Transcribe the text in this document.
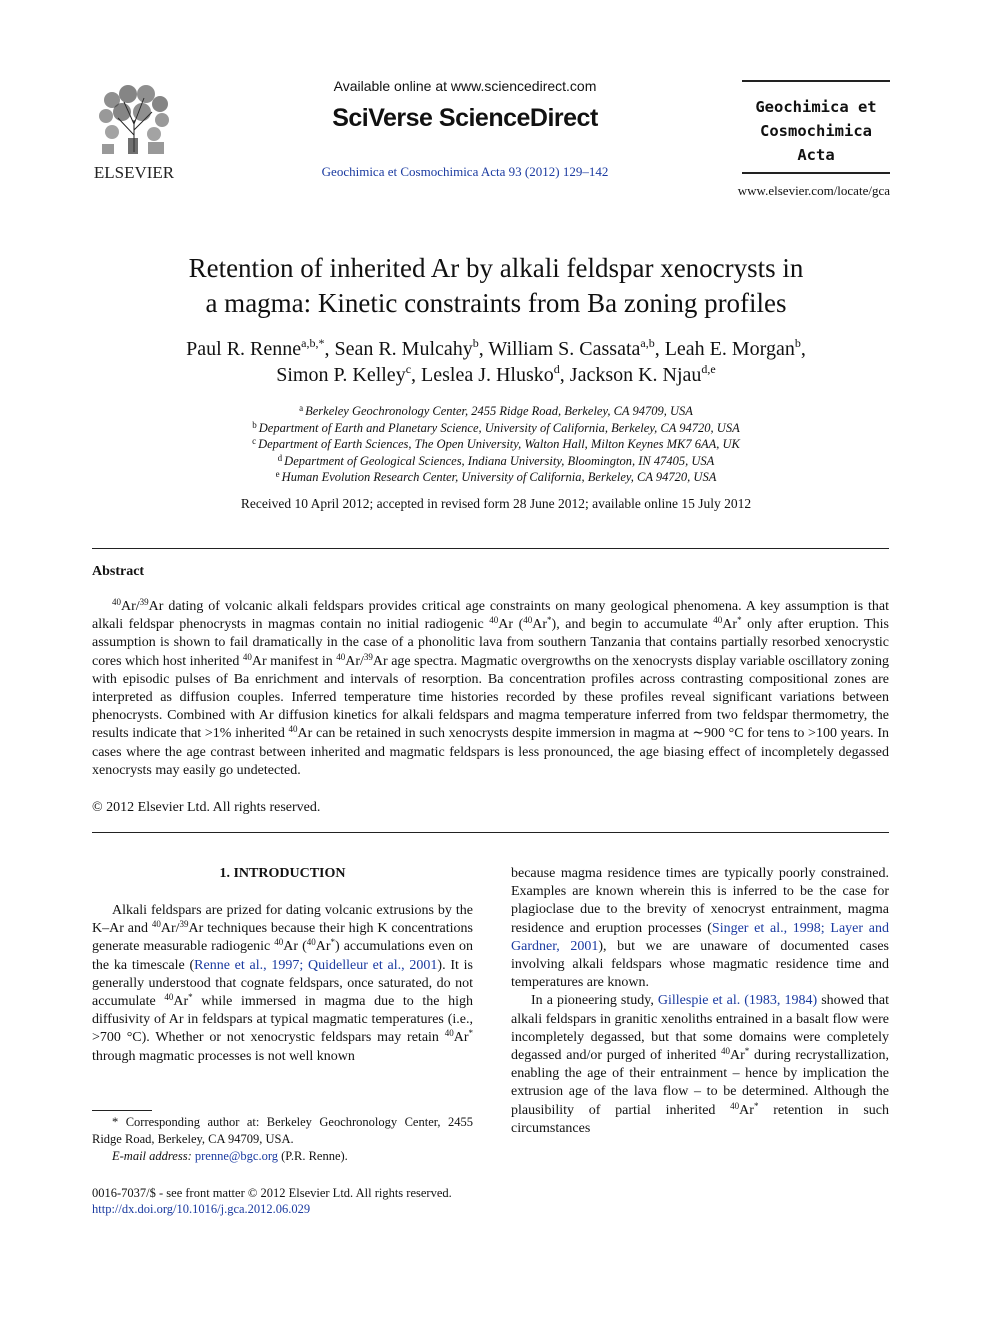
ELSEVIER
Available online at www.sciencedirect.com
SciVerse ScienceDirect
Geochimica et Cosmochimica Acta 93 (2012) 129–142
Geochimica et
Cosmochimica
Acta
www.elsevier.com/locate/gca
Retention of inherited Ar by alkali feldspar xenocrysts in
a magma: Kinetic constraints from Ba zoning profiles
Paul R. Renne$^{a,b,*}$, Sean R. Mulcahy$^b$, William S. Cassata$^{a,b}$, Leah E. Morgan$^b$,
Simon P. Kelley$^c$, Leslea J. Hlusko$^d$, Jackson K. Njau$^{d,e}$
$^a$ Berkeley Geochronology Center, 2455 Ridge Road, Berkeley, CA 94709, USA
$^b$ Department of Earth and Planetary Science, University of California, Berkeley, CA 94720, USA
$^c$ Department of Earth Sciences, The Open University, Walton Hall, Milton Keynes MK7 6AA, UK
$^d$ Department of Geological Sciences, Indiana University, Bloomington, IN 47405, USA
$^e$ Human Evolution Research Center, University of California, Berkeley, CA 94720, USA
Received 10 April 2012; accepted in revised form 28 June 2012; available online 15 July 2012
Abstract
$^{40}$Ar/$^{39}$Ar dating of volcanic alkali feldspars provides critical age constraints on many geological phenomena. A key assumption is that alkali feldspar phenocrysts in magmas contain no initial radiogenic $^{40}$Ar ($^{40}$Ar*), and begin to accumulate $^{40}$Ar* only after eruption. This assumption is shown to fail dramatically in the case of a phonolitic lava from southern Tanzania that contains partially resorbed xenocrystic cores which host inherited $^{40}$Ar manifest in $^{40}$Ar/$^{39}$Ar age spectra. Magmatic overgrowths on the xenocrysts display variable oscillatory zoning with episodic pulses of Ba enrichment and intervals of resorption. Ba concentration profiles across contrasting compositional zones are interpreted as diffusion couples. Inferred temperature time histories recorded by these profiles reveal significant variations between phenocrysts. Combined with Ar diffusion kinetics for alkali feldspars and magma temperature inferred from two feldspar thermometry, the results indicate that >1% inherited $^{40}$Ar can be retained in such xenocrysts despite immersion in magma at ∼900 °C for tens to >100 years. In cases where the age contrast between inherited and magmatic feldspars is less pronounced, the age biasing effect of incompletely degassed xenocrysts may easily go undetected.
© 2012 Elsevier Ltd. All rights reserved.
1. INTRODUCTION
Alkali feldspars are prized for dating volcanic extrusions by the K–Ar and $^{40}$Ar/$^{39}$Ar techniques because their high K concentrations generate measurable radiogenic $^{40}$Ar ($^{40}$Ar*) accumulations even on the ka timescale (Renne et al., 1997; Quidelleur et al., 2001). It is generally understood that cognate feldspars, once saturated, do not accumulate $^{40}$Ar* while immersed in magma due to the high diffusivity of Ar in feldspars at typical magmatic temperatures (i.e., >700 °C). Whether or not xenocrystic feldspars may retain $^{40}$Ar* through magmatic processes is not well known
* Corresponding author at: Berkeley Geochronology Center, 2455 Ridge Road, Berkeley, CA 94709, USA.
E-mail address: prenne@bgc.org (P.R. Renne).
0016-7037/$ - see front matter © 2012 Elsevier Ltd. All rights reserved.
http://dx.doi.org/10.1016/j.gca.2012.06.029

because magma residence times are typically poorly constrained. Examples are known wherein this is inferred to be the case for plagioclase due to the brevity of xenocryst entrainment, magma residence and eruption processes (Singer et al., 1998; Layer and Gardner, 2001), but we are unaware of documented cases involving alkali feldspars whose magmatic residence time and temperatures are known.

In a pioneering study, Gillespie et al. (1983, 1984) showed that alkali feldspars in granitic xenoliths entrained in a basalt flow were incompletely degassed, but that some domains were completely degassed and/or purged of inherited $^{40}$Ar* during recrystallization, enabling the age of their entrainment – hence by implication the extrusion age of the lava flow – to be determined. Although the plausibility of partial inherited $^{40}$Ar* retention in such circumstances
